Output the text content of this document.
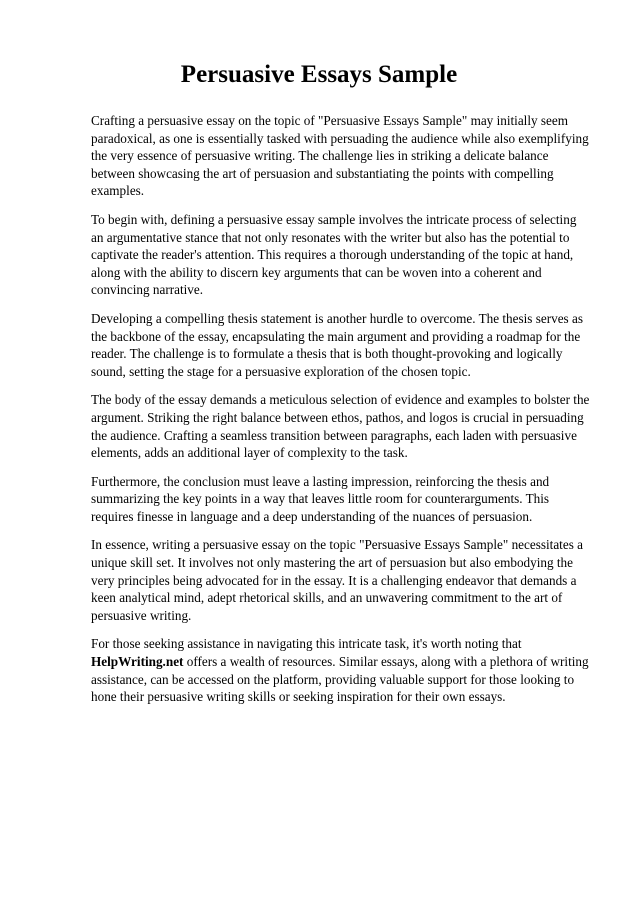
Persuasive Essays Sample

Crafting a persuasive essay on the topic of "Persuasive Essays Sample" may initially seem paradoxical, as one is essentially tasked with persuading the audience while also exemplifying the very essence of persuasive writing. The challenge lies in striking a delicate balance between showcasing the art of persuasion and substantiating the points with compelling examples.

To begin with, defining a persuasive essay sample involves the intricate process of selecting an argumentative stance that not only resonates with the writer but also has the potential to captivate the reader's attention. This requires a thorough understanding of the topic at hand, along with the ability to discern key arguments that can be woven into a coherent and convincing narrative.

Developing a compelling thesis statement is another hurdle to overcome. The thesis serves as the backbone of the essay, encapsulating the main argument and providing a roadmap for the reader. The challenge is to formulate a thesis that is both thought-provoking and logically sound, setting the stage for a persuasive exploration of the chosen topic.

The body of the essay demands a meticulous selection of evidence and examples to bolster the argument. Striking the right balance between ethos, pathos, and logos is crucial in persuading the audience. Crafting a seamless transition between paragraphs, each laden with persuasive elements, adds an additional layer of complexity to the task.

Furthermore, the conclusion must leave a lasting impression, reinforcing the thesis and summarizing the key points in a way that leaves little room for counterarguments. This requires finesse in language and a deep understanding of the nuances of persuasion.

In essence, writing a persuasive essay on the topic "Persuasive Essays Sample" necessitates a unique skill set. It involves not only mastering the art of persuasion but also embodying the very principles being advocated for in the essay. It is a challenging endeavor that demands a keen analytical mind, adept rhetorical skills, and an unwavering commitment to the art of persuasive writing.

For those seeking assistance in navigating this intricate task, it's worth noting that HelpWriting.net offers a wealth of resources. Similar essays, along with a plethora of writing assistance, can be accessed on the platform, providing valuable support for those looking to hone their persuasive writing skills or seeking inspiration for their own essays.
